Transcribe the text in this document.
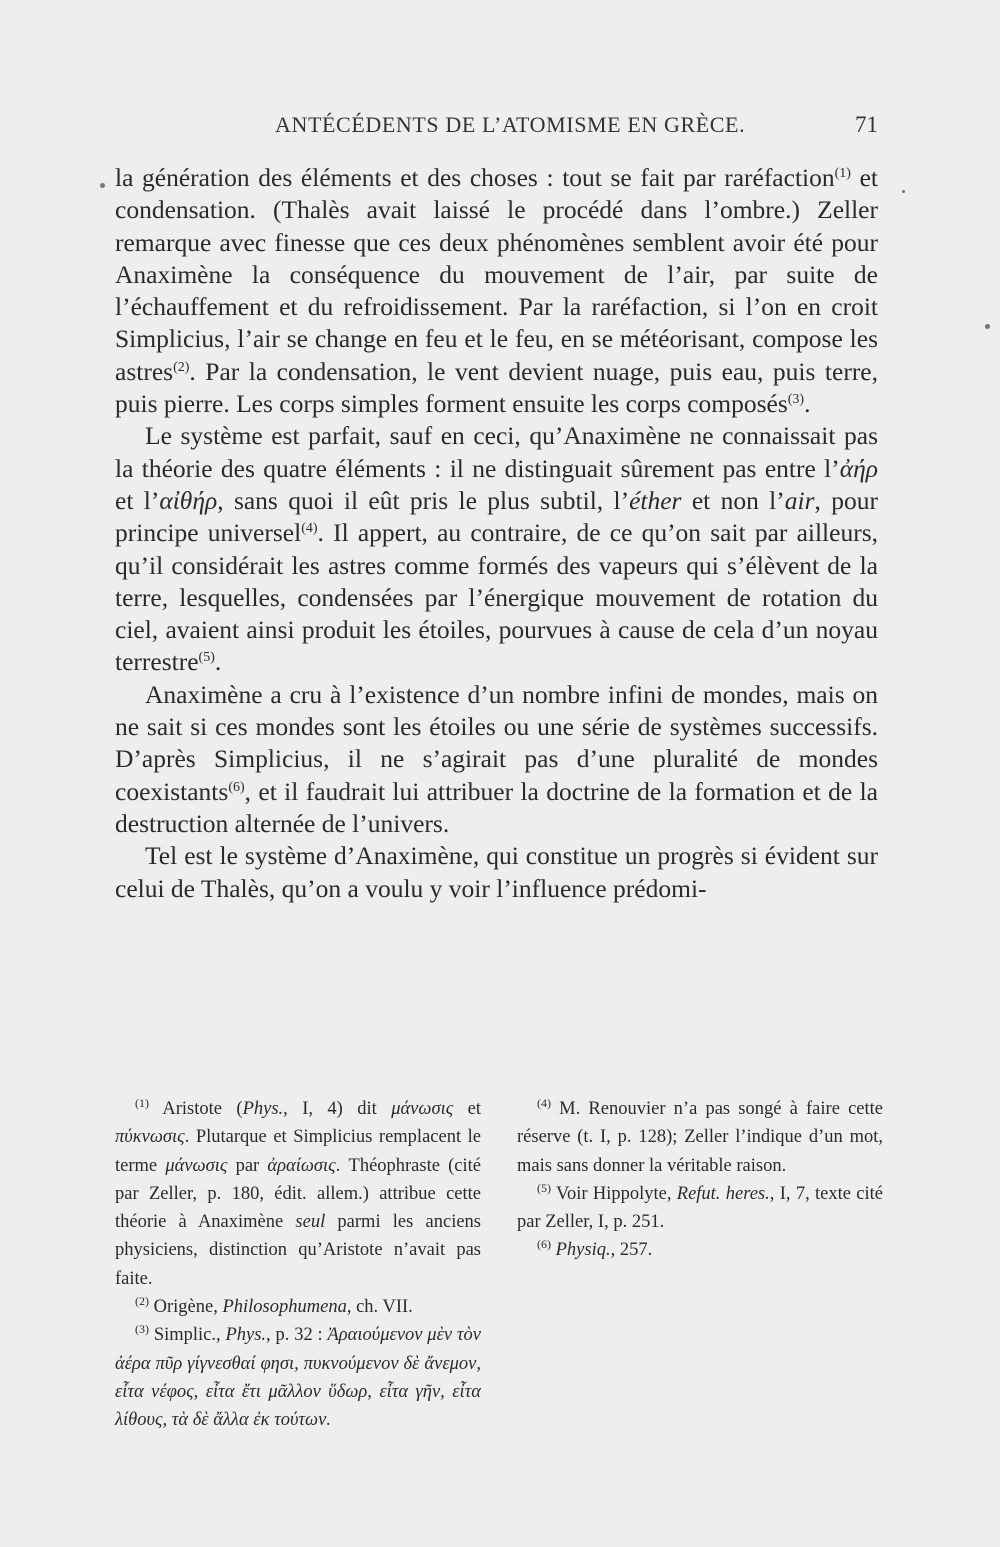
ANTÉCÉDENTS DE L’ATOMISME EN GRÈCE.	71

la génération des éléments et des choses : tout se fait par raréfaction$^{(1)}$ et condensation. (Thalès avait laissé le procédé dans l’ombre.) Zeller remarque avec finesse que ces deux phénomènes semblent avoir été pour Anaximène la conséquence du mouvement de l’air, par suite de l’échauffement et du refroidissement. Par la raréfaction, si l’on en croit Simplicius, l’air se change en feu et le feu, en se météorisant, compose les astres$^{(2)}$. Par la condensation, le vent devient nuage, puis eau, puis terre, puis pierre. Les corps simples forment ensuite les corps composés$^{(3)}$.

Le système est parfait, sauf en ceci, qu’Anaximène ne connaissait pas la théorie des quatre éléments : il ne distinguait sûrement pas entre l’ἀήρ et l’αἰθήρ, sans quoi il eût pris le plus subtil, l’éther et non l’air, pour principe universel$^{(4)}$. Il appert, au contraire, de ce qu’on sait par ailleurs, qu’il considérait les astres comme formés des vapeurs qui s’élèvent de la terre, lesquelles, condensées par l’énergique mouvement de rotation du ciel, avaient ainsi produit les étoiles, pourvues à cause de cela d’un noyau terrestre$^{(5)}$.

Anaximène a cru à l’existence d’un nombre infini de mondes, mais on ne sait si ces mondes sont les étoiles ou une série de systèmes successifs. D’après Simplicius, il ne s’agirait pas d’une pluralité de mondes coexistants$^{(6)}$, et il faudrait lui attribuer la doctrine de la formation et de la destruction alternée de l’univers.

Tel est le système d’Anaximène, qui constitue un progrès si évident sur celui de Thalès, qu’on a voulu y voir l’influence prédomi-

$^{(1)}$ Aristote (Phys., I, 4) dit μάνωσις et πύκνωσις. Plutarque et Simplicius remplacent le terme μάνωσις par ἀραίωσις. Théophraste (cité par Zeller, p. 180, édit. allem.) attribue cette théorie à Anaximène seul parmi les anciens physiciens, distinction qu’Aristote n’avait pas faite.

$^{(2)}$ Origène, Philosophumena, ch. VII.

$^{(3)}$ Simplic., Phys., p. 32 : Ἀραιούμενον μὲν τὸν ἀέρα πῦρ γίγνεσθαί φησι, πυκνούμενον δὲ ἄνεμον, εἶτα νέφος, εἶτα ἔτι μᾶλλον ὕδωρ, εἶτα γῆν, εἶτα λίθους, τὰ δὲ ἄλλα ἐκ τούτων.

$^{(4)}$ M. Renouvier n’a pas songé à faire cette réserve (t. I, p. 128); Zeller l’indique d’un mot, mais sans donner la véritable raison.

$^{(5)}$ Voir Hippolyte, Refut. heres., I, 7, texte cité par Zeller, I, p. 251.

$^{(6)}$ Physiq., 257.
